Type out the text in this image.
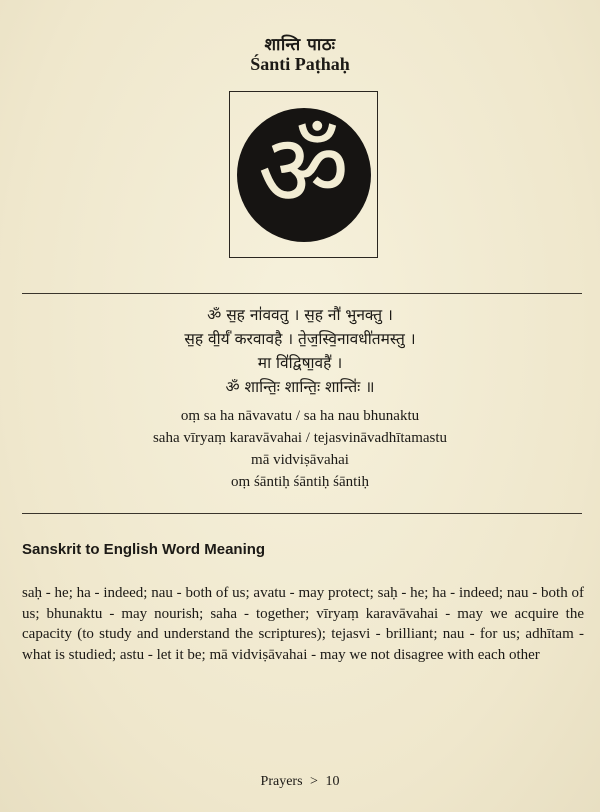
शान्ति पाठः
Śanti Paṭhaḥ
ॐ
ॐ स॒ह ना॑ववतु । स॒ह नौ॑ भुनक्तु ।
स॒ह वी॒र्यं॑ करवावहै । ते॒ज॒स्वि॒नावधी॑तमस्तु ।
मा वि॑द्विषा॒वहै॑ ।
ॐ शान्तिः॒ शान्तिः॒ शान्तिः॑ ॥
oṃ sa ha nāvavatu / sa ha nau bhunaktu
saha vīryaṃ karavāvahai / tejasvināvadhītamastu
mā vidviṣāvahai
oṃ śāntiḥ śāntiḥ śāntiḥ
Sanskrit to English Word Meaning
saḥ - he; ha - indeed; nau - both of us; avatu - may protect; saḥ - he; ha - indeed; nau - both of us; bhunaktu - may nourish; saha - together; vīryaṃ karavāvahai - may we acquire the capacity (to study and understand the scriptures); tejasvi - brilliant; nau - for us; adhītam - what is studied; astu - let it be; mā vidviṣāvahai - may we not disagree with each other
Prayers > 10
